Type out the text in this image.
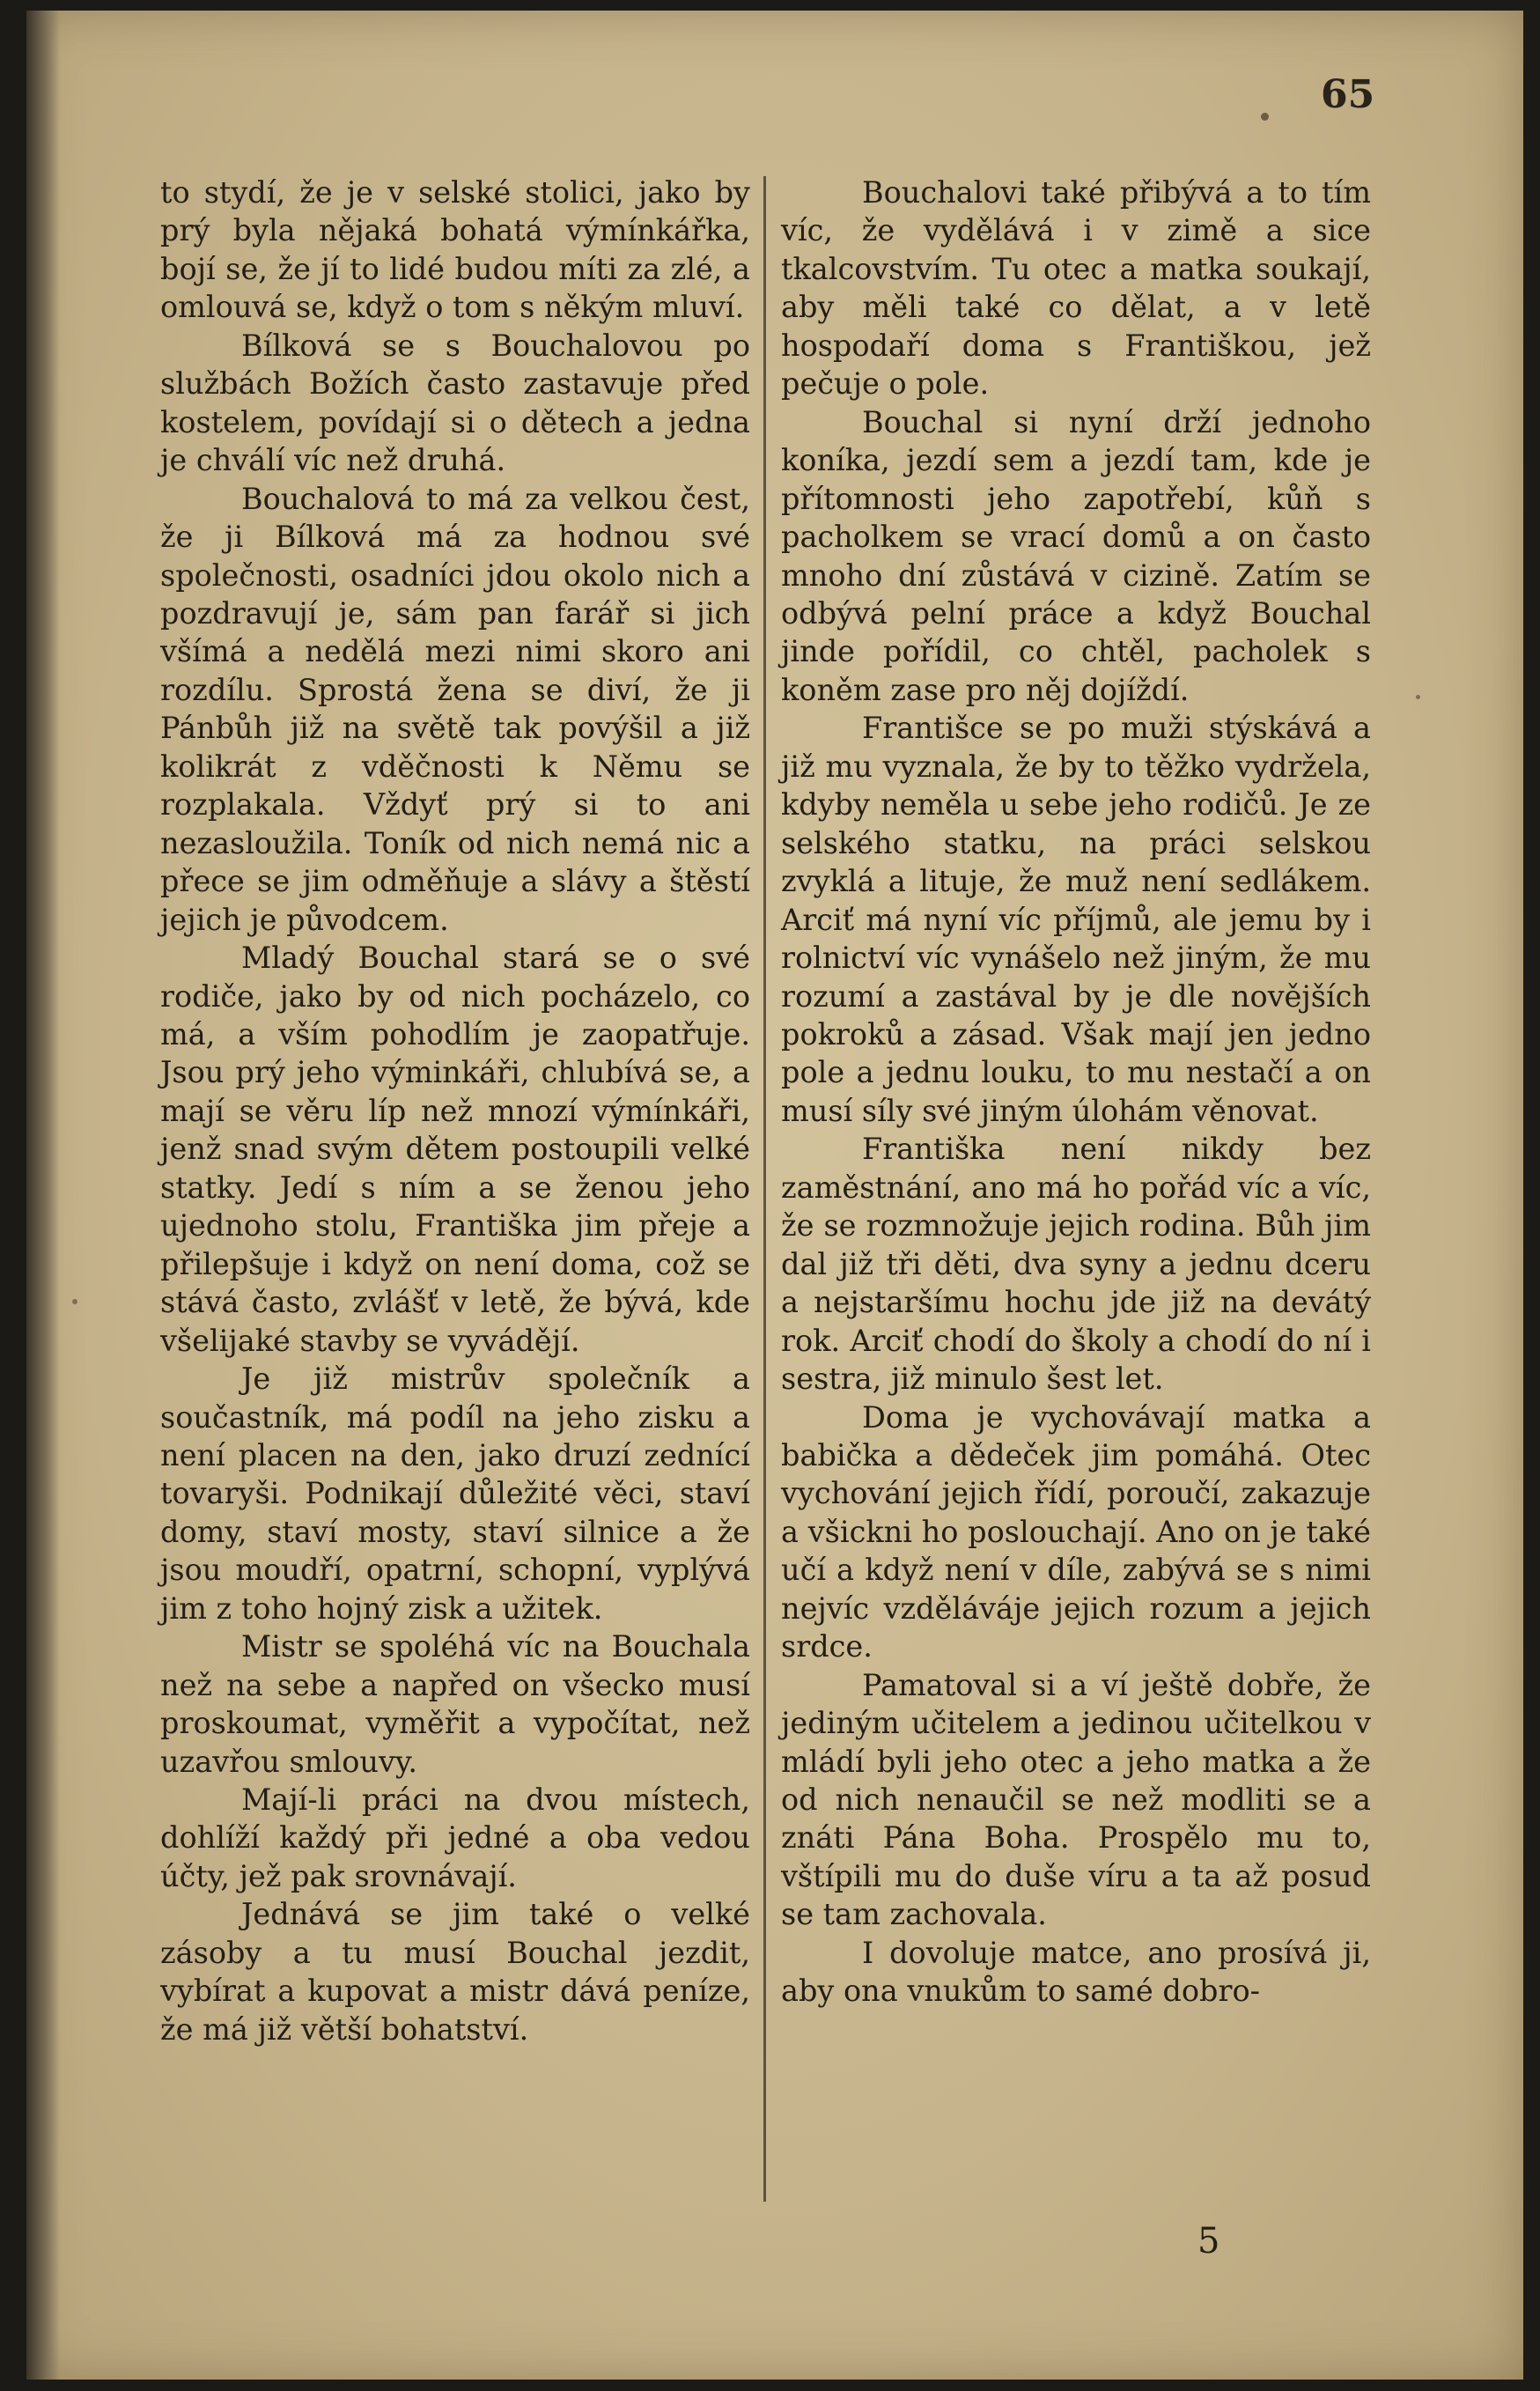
65

to stydí, že je v selské stolici, jako by prý byla nějaká bohatá výmínkářka, bojí se, že jí to lidé budou míti za zlé, a omlouvá se, když o tom s někým mluví.

Bílková se s Bouchalovou po službách Božích často zastavuje před kostelem, povídají si o dětech a jedna je chválí víc než druhá.

Bouchalová to má za velkou čest, že ji Bílková má za hodnou své společnosti, osadníci jdou okolo nich a pozdravují je, sám pan farář si jich všímá a nedělá mezi nimi skoro ani rozdílu. Sprostá žena se diví, že ji Pánbůh již na světě tak povýšil a již kolikrát z vděčnosti k Němu se rozplakala. Vždyť prý si to ani nezasloužila. Toník od nich nemá nic a přece se jim odměňuje a slávy a štěstí jejich je původcem.

Mladý Bouchal stará se o své rodiče, jako by od nich pocházelo, co má, a vším pohodlím je zaopatřuje. Jsou prý jeho výminkáři, chlubívá se, a mají se věru líp než mnozí výmínkáři, jenž snad svým dětem postoupili velké statky. Jedí s ním a se ženou jeho ujednoho stolu, Františka jim přeje a přilepšuje i když on není doma, což se stává často, zvlášť v letě, že bývá, kde všelijaké stavby se vyvádějí.

Je již mistrův společník a součastník, má podíl na jeho zisku a není placen na den, jako druzí zednící tovaryši. Podnikají důležité věci, staví domy, staví mosty, staví silnice a že jsou moudří, opatrní, schopní, vyplývá jim z toho hojný zisk a užitek.

Mistr se spoléhá víc na Bouchala než na sebe a napřed on všecko musí proskoumat, vyměřit a vypočítat, než uzavřou smlouvy.

Mají-li práci na dvou místech, dohlíží každý při jedné a oba vedou účty, jež pak srovnávají.

Jednává se jim také o velké zásoby a tu musí Bouchal jezdit, vybírat a kupovat a mistr dává peníze, že má již větší bohatství.

Bouchalovi také přibývá a to tím víc, že vydělává i v zimě a sice tkalcovstvím. Tu otec a matka soukají, aby měli také co dělat, a v letě hospodaří doma s Františkou, jež pečuje o pole.

Bouchal si nyní drží jednoho koníka, jezdí sem a jezdí tam, kde je přítomnosti jeho zapotřebí, kůň s pacholkem se vrací domů a on často mnoho dní zůstává v cizině. Zatím se odbývá pelní práce a když Bouchal jinde pořídil, co chtěl, pacholek s koněm zase pro něj dojíždí.

Františce se po muži stýskává a již mu vyznala, že by to těžko vydržela, kdyby neměla u sebe jeho rodičů. Je ze selského statku, na práci selskou zvyklá a lituje, že muž není sedlákem. Arciť má nyní víc příjmů, ale jemu by i rolnictví víc vynášelo než jiným, že mu rozumí a zastával by je dle novějších pokroků a zásad. Však mají jen jedno pole a jednu louku, to mu nestačí a on musí síly své jiným úlohám věnovat.

Františka není nikdy bez zaměstnání, ano má ho pořád víc a víc, že se rozmnožuje jejich rodina. Bůh jim dal již tři děti, dva syny a jednu dceru a nejstaršímu hochu jde již na devátý rok. Arciť chodí do školy a chodí do ní i sestra, již minulo šest let.

Doma je vychovávají matka a babička a dědeček jim pomáhá. Otec vychování jejich řídí, poroučí, zakazuje a všickni ho poslouchají. Ano on je také učí a když není v díle, zabývá se s nimi nejvíc vzděláváje jejich rozum a jejich srdce.

Pamatoval si a ví ještě dobře, že jediným učitelem a jedinou učitelkou v mládí byli jeho otec a jeho matka a že od nich nenaučil se než modliti se a znáti Pána Boha. Prospělo mu to, vštípili mu do duše víru a ta až posud se tam zachovala.

I dovoluje matce, ano prosívá ji, aby ona vnukům to samé dobro-

5
